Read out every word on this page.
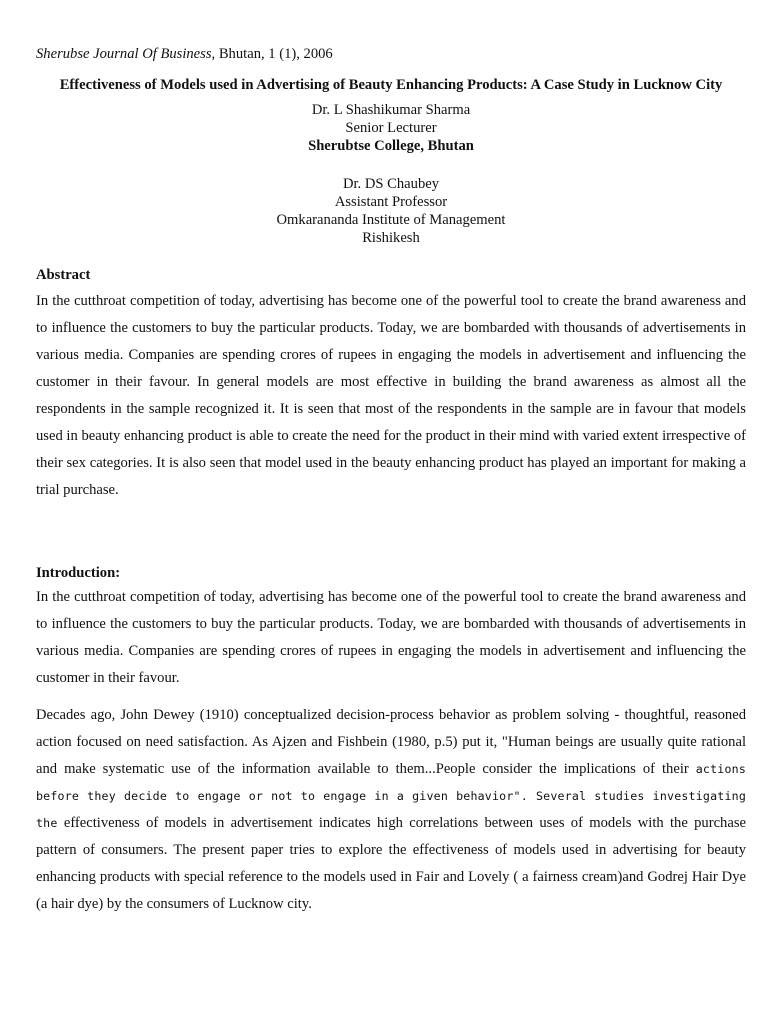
Sherubse Journal Of Business, Bhutan, 1 (1), 2006
Effectiveness of Models used in Advertising of Beauty Enhancing Products: A Case Study in Lucknow City
Dr. L Shashikumar Sharma
Senior Lecturer
Sherubtse College, Bhutan
Dr. DS Chaubey
Assistant Professor
Omkarananda Institute of Management
Rishikesh
Abstract

In the cutthroat competition of today, advertising has become one of the powerful tool to create the brand awareness and to influence the customers to buy the particular products. Today, we are bombarded with thousands of advertisements in various media. Companies are spending crores of rupees in engaging the models in advertisement and influencing the customer in their favour. In general models are most effective in building the brand awareness as almost all the respondents in the sample recognized it. It is seen that most of the respondents in the sample are in favour that models used in beauty enhancing product is able to create the need for the product in their mind with varied extent irrespective of their sex categories. It is also seen that model used in the beauty enhancing product has played an important for making a trial purchase.

Introduction:

In the cutthroat competition of today, advertising has become one of the powerful tool to create the brand awareness and to influence the customers to buy the particular products. Today, we are bombarded with thousands of advertisements in various media. Companies are spending crores of rupees in engaging the models in advertisement and influencing the customer in their favour.

Decades ago, John Dewey (1910) conceptualized decision-process behavior as problem solving - thoughtful, reasoned action focused on need satisfaction. As Ajzen and Fishbein (1980, p.5) put it, "Human beings are usually quite rational and make systematic use of the information available to them...People consider the implications of their actions before they decide to engage or not to engage in a given behavior". Several studies investigating the effectiveness of models in advertisement indicates high correlations between uses of models with the purchase pattern of consumers. The present paper tries to explore the effectiveness of models used in advertising for beauty enhancing products with special reference to the models used in Fair and Lovely ( a fairness cream)and Godrej Hair Dye (a hair dye) by the consumers of Lucknow city.
